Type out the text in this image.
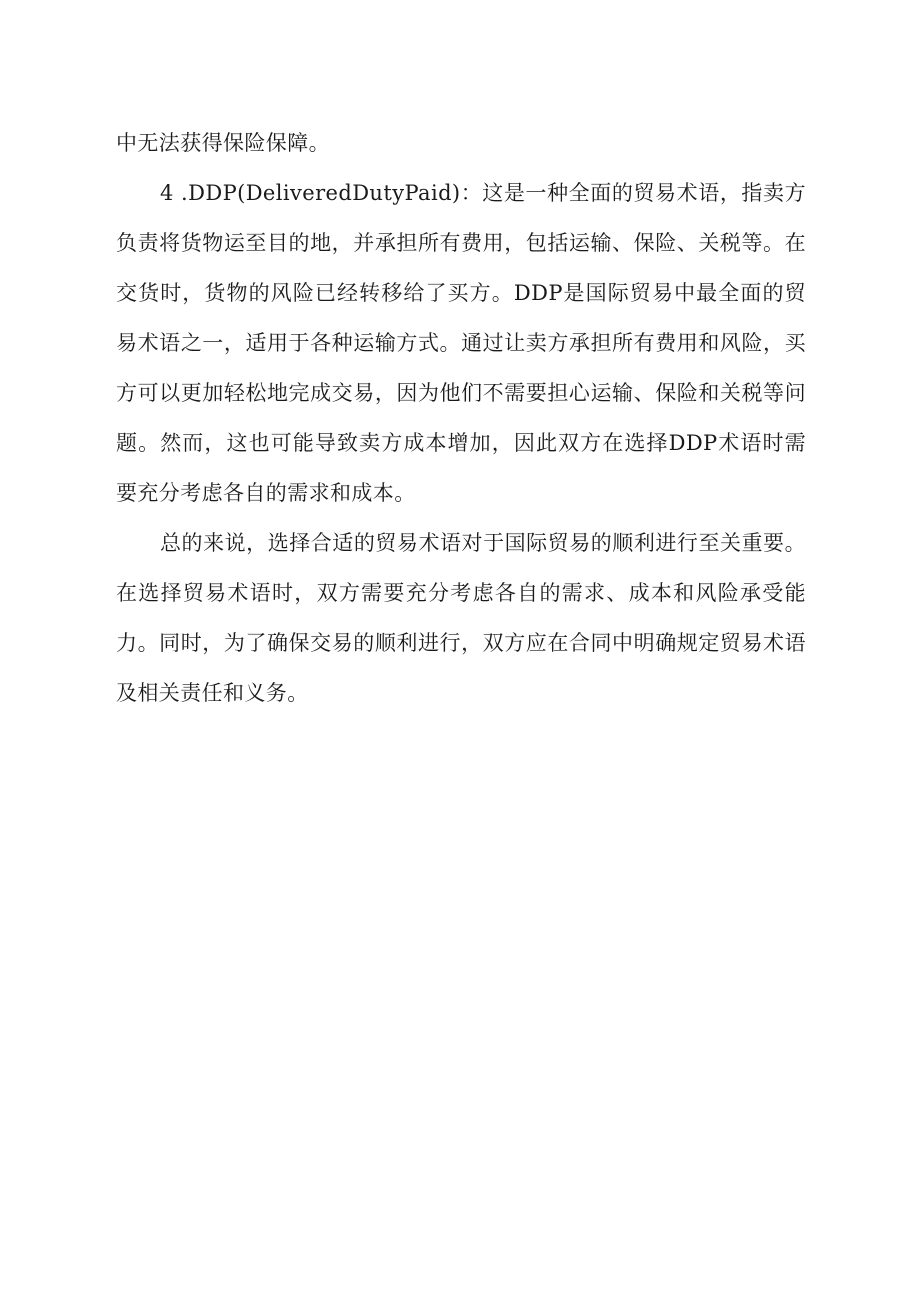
中无法获得保险保障。

4 .DDP(DeliveredDutyPaid)：这是一种全面的贸易术语，指卖方负责将货物运至目的地，并承担所有费用，包括运输、保险、关税等。在交货时，货物的风险已经转移给了买方。DDP是国际贸易中最全面的贸易术语之一，适用于各种运输方式。通过让卖方承担所有费用和风险，买方可以更加轻松地完成交易，因为他们不需要担心运输、保险和关税等问题。然而，这也可能导致卖方成本增加，因此双方在选择DDP术语时需要充分考虑各自的需求和成本。

总的来说，选择合适的贸易术语对于国际贸易的顺利进行至关重要。在选择贸易术语时，双方需要充分考虑各自的需求、成本和风险承受能力。同时，为了确保交易的顺利进行，双方应在合同中明确规定贸易术语及相关责任和义务。
